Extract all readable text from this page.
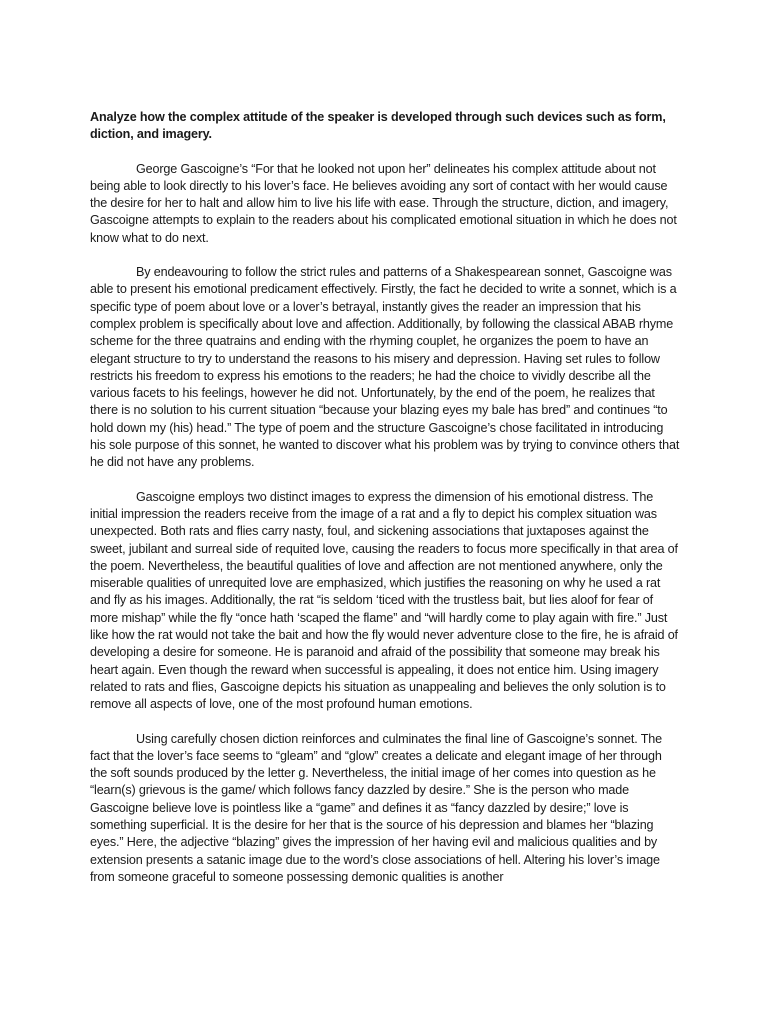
Analyze how the complex attitude of the speaker is developed through such devices such as form, diction, and imagery.

George Gascoigne’s “For that he looked not upon her” delineates his complex attitude about not being able to look directly to his lover’s face. He believes avoiding any sort of contact with her would cause the desire for her to halt and allow him to live his life with ease. Through the structure, diction, and imagery, Gascoigne attempts to explain to the readers about his complicated emotional situation in which he does not know what to do next.

By endeavouring to follow the strict rules and patterns of a Shakespearean sonnet, Gascoigne was able to present his emotional predicament effectively. Firstly, the fact he decided to write a sonnet, which is a specific type of poem about love or a lover’s betrayal, instantly gives the reader an impression that his complex problem is specifically about love and affection. Additionally, by following the classical ABAB rhyme scheme for the three quatrains and ending with the rhyming couplet, he organizes the poem to have an elegant structure to try to understand the reasons to his misery and depression. Having set rules to follow restricts his freedom to express his emotions to the readers; he had the choice to vividly describe all the various facets to his feelings, however he did not. Unfortunately, by the end of the poem, he realizes that there is no solution to his current situation “because your blazing eyes my bale has bred” and continues “to hold down my (his) head.” The type of poem and the structure Gascoigne’s chose facilitated in introducing his sole purpose of this sonnet, he wanted to discover what his problem was by trying to convince others that he did not have any problems.

Gascoigne employs two distinct images to express the dimension of his emotional distress. The initial impression the readers receive from the image of a rat and a fly to depict his complex situation was unexpected. Both rats and flies carry nasty, foul, and sickening associations that juxtaposes against the sweet, jubilant and surreal side of requited love, causing the readers to focus more specifically in that area of the poem. Nevertheless, the beautiful qualities of love and affection are not mentioned anywhere, only the miserable qualities of unrequited love are emphasized, which justifies the reasoning on why he used a rat and fly as his images. Additionally, the rat “is seldom ‘ticed with the trustless bait, but lies aloof for fear of more mishap” while the fly “once hath ‘scaped the flame” and “will hardly come to play again with fire.” Just like how the rat would not take the bait and how the fly would never adventure close to the fire, he is afraid of developing a desire for someone. He is paranoid and afraid of the possibility that someone may break his heart again. Even though the reward when successful is appealing, it does not entice him. Using imagery related to rats and flies, Gascoigne depicts his situation as unappealing and believes the only solution is to remove all aspects of love, one of the most profound human emotions.

Using carefully chosen diction reinforces and culminates the final line of Gascoigne’s sonnet. The fact that the lover’s face seems to “gleam” and “glow” creates a delicate and elegant image of her through the soft sounds produced by the letter g. Nevertheless, the initial image of her comes into question as he “learn(s) grievous is the game/ which follows fancy dazzled by desire.” She is the person who made Gascoigne believe love is pointless like a “game” and defines it as “fancy dazzled by desire;” love is something superficial. It is the desire for her that is the source of his depression and blames her “blazing eyes.” Here, the adjective “blazing” gives the impression of her having evil and malicious qualities and by extension presents a satanic image due to the word’s close associations of hell. Altering his lover’s image from someone graceful to someone possessing demonic qualities is another
